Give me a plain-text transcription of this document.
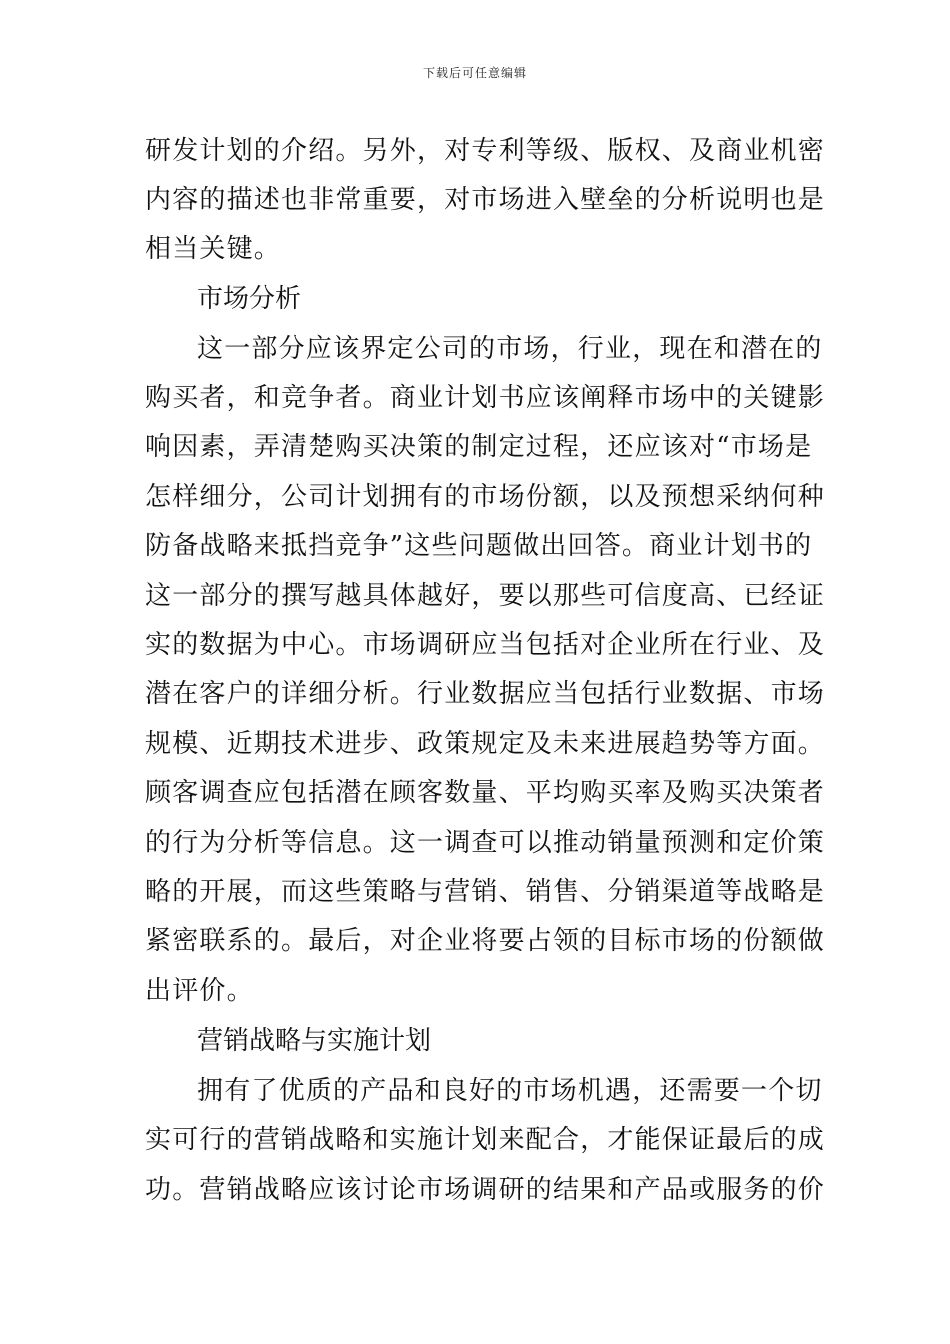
下载后可任意编辑
研发计划的介绍。另外，对专利等级、版权、及商业机密
内容的描述也非常重要，对市场进入壁垒的分析说明也是
相当关键。
市场分析
这一部分应该界定公司的市场，行业，现在和潜在的
购买者，和竞争者。商业计划书应该阐释市场中的关键影
响因素，弄清楚购买决策的制定过程，还应该对“市场是
怎样细分，公司计划拥有的市场份额，以及预想采纳何种
防备战略来抵挡竞争”这些问题做出回答。商业计划书的
这一部分的撰写越具体越好，要以那些可信度高、已经证
实的数据为中心。市场调研应当包括对企业所在行业、及
潜在客户的详细分析。行业数据应当包括行业数据、市场
规模、近期技术进步、政策规定及未来进展趋势等方面。
顾客调查应包括潜在顾客数量、平均购买率及购买决策者
的行为分析等信息。这一调查可以推动销量预测和定价策
略的开展，而这些策略与营销、销售、分销渠道等战略是
紧密联系的。最后，对企业将要占领的目标市场的份额做
出评价。
营销战略与实施计划
拥有了优质的产品和良好的市场机遇，还需要一个切
实可行的营销战略和实施计划来配合，才能保证最后的成
功。营销战略应该讨论市场调研的结果和产品或服务的价
